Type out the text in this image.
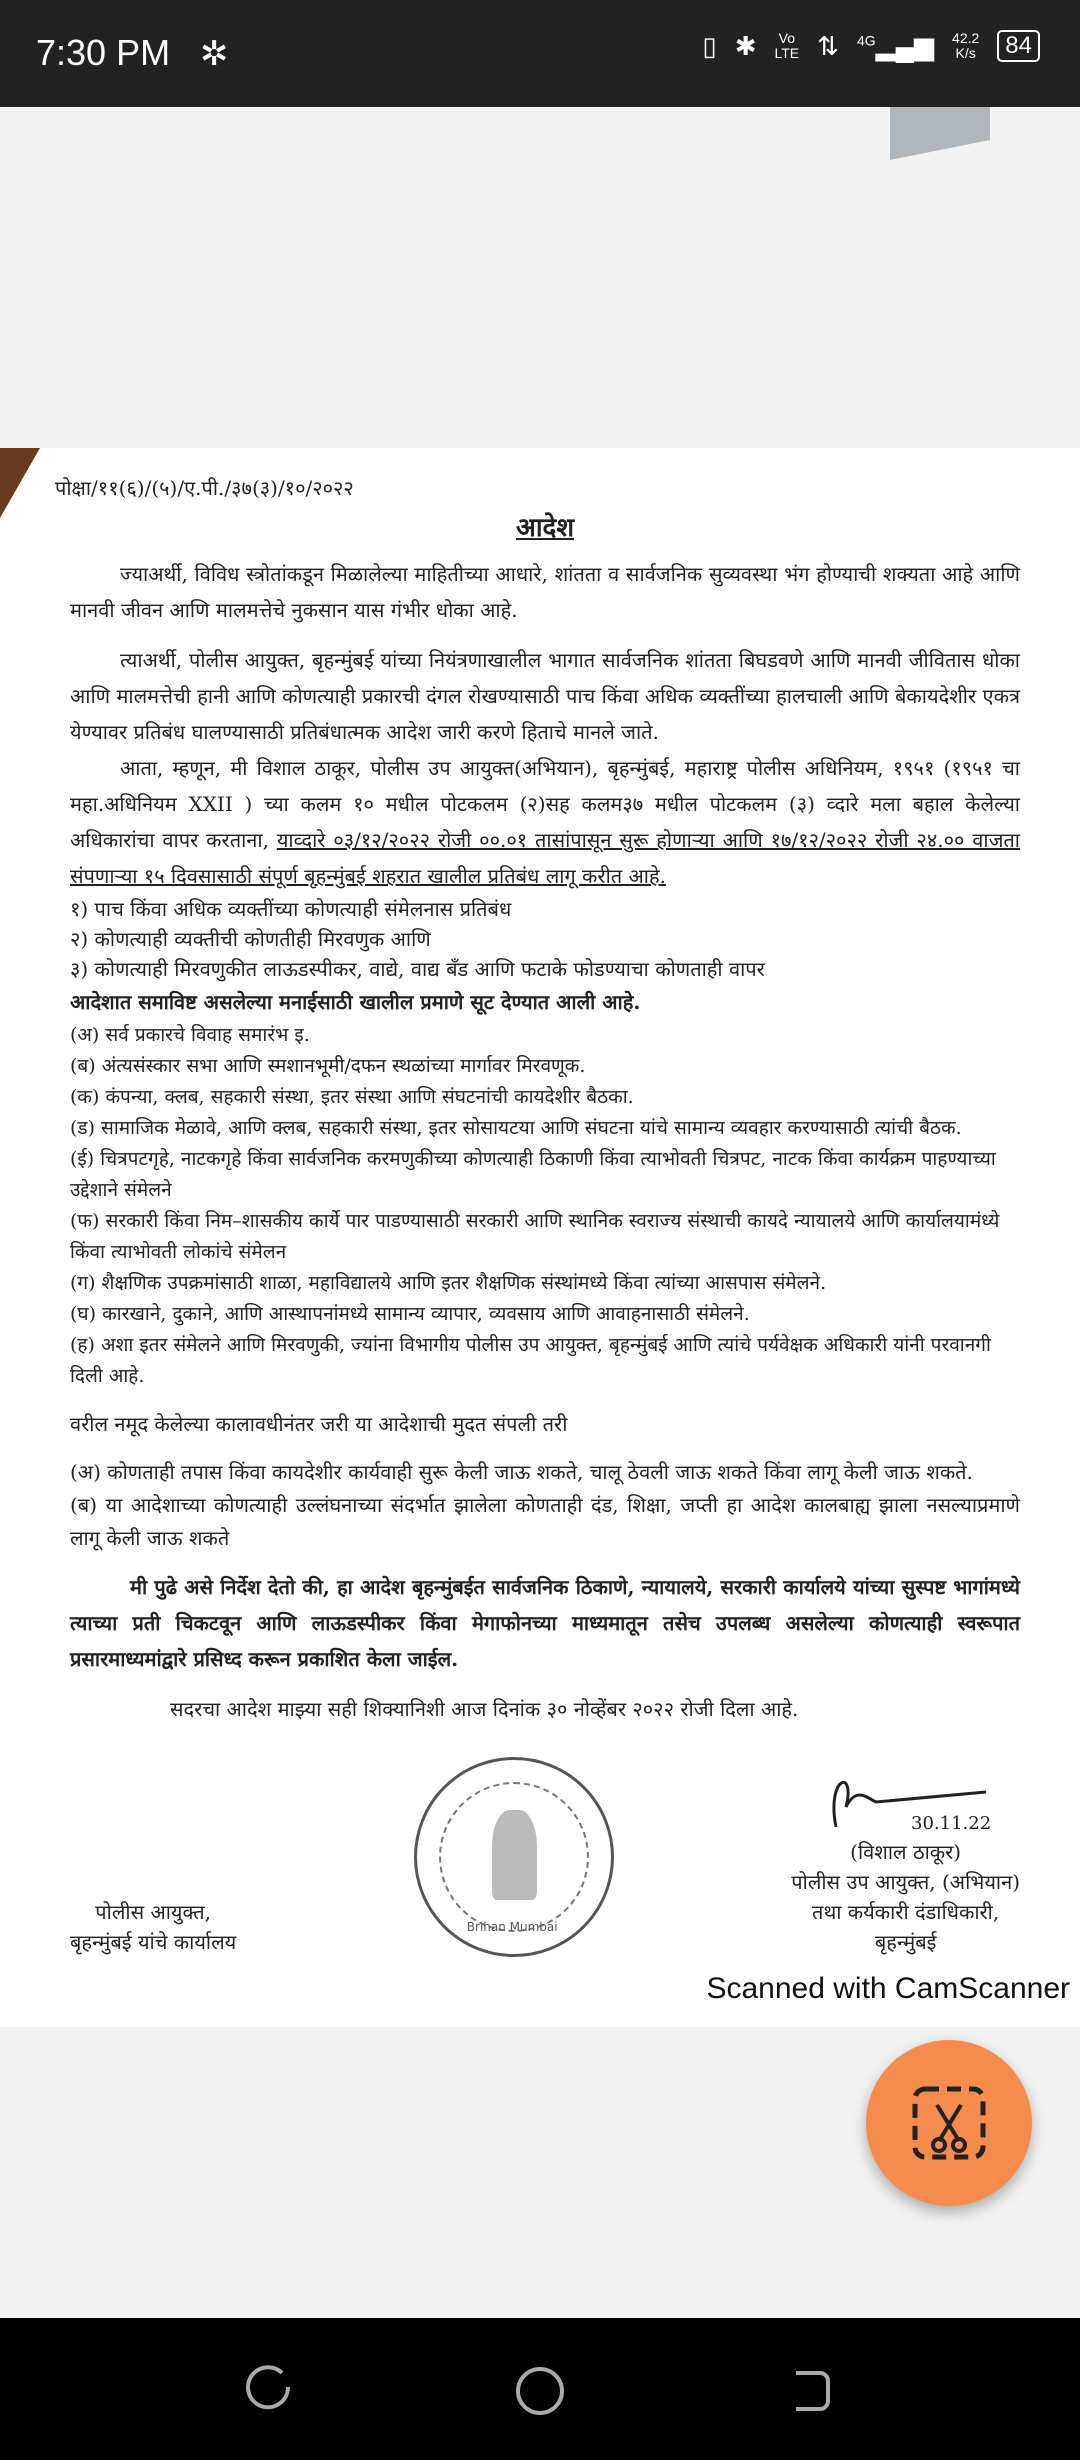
7:30 PM ✲	▯ ✱ Vo
LTE ⇅ $^{4G}$▂▄▆ 42.2
K/s	84
पोक्षा/११(६)/(५)/ए.पी./३७(३)/१०/२०२२
आदेश
ज्याअर्थी, विविध स्त्रोतांकडून मिळालेल्या माहितीच्या आधारे, शांतता व सार्वजनिक सुव्यवस्था भंग होण्याची शक्यता आहे आणि मानवी जीवन आणि मालमत्तेचे नुकसान यास गंभीर धोका आहे.
त्याअर्थी, पोलीस आयुक्त, बृहन्मुंबई यांच्या नियंत्रणाखालील भागात सार्वजनिक शांतता बिघडवणे आणि मानवी जीवितास धोका आणि मालमत्तेची हानी आणि कोणत्याही प्रकारची दंगल रोखण्यासाठी पाच किंवा अधिक व्यक्तींच्या हालचाली आणि बेकायदेशीर एकत्र येण्यावर प्रतिबंध घालण्यासाठी प्रतिबंधात्मक आदेश जारी करणे हिताचे मानले जाते.
आता, म्हणून, मी विशाल ठाकूर, पोलीस उप आयुक्त(अभियान), बृहन्मुंबई, महाराष्ट्र पोलीस अधिनियम, १९५१ (१९५१ चा महा.अधिनियम XXII ) च्या कलम १० मधील पोटकलम (२)सह कलम३७ मधील पोटकलम (३) व्दारे मला बहाल केलेल्या अधिकारांचा वापर करताना, याव्दारे ०३/१२/२०२२ रोजी ००.०१ तासांपासून सुरू होणाऱ्या आणि १७/१२/२०२२ रोजी २४.०० वाजता संपणाऱ्या १५ दिवसासाठी संपूर्ण बृहन्मुंबई शहरात खालील प्रतिबंध लागू करीत आहे.
१) पाच किंवा अधिक व्यक्तींच्या कोणत्याही संमेलनास प्रतिबंध
२) कोणत्याही व्यक्तीची कोणतीही मिरवणुक आणि
३) कोणत्याही मिरवणुकीत लाऊडस्पीकर, वाद्ये, वाद्य बॅंड आणि फटाके फोडण्याचा कोणताही वापर
आदेशात समाविष्ट असलेल्या मनाईसाठी खालील प्रमाणे सूट देण्यात आली आहे.
(अ) सर्व प्रकारचे विवाह समारंभ इ.
(ब) अंत्यसंस्कार सभा आणि स्मशानभूमी/दफन स्थळांच्या मार्गावर मिरवणूक.
(क) कंपन्या, क्लब, सहकारी संस्था, इतर संस्था आणि संघटनांची कायदेशीर बैठका.
(ड) सामाजिक मेळावे, आणि क्लब, सहकारी संस्था, इतर सोसायटया आणि संघटना यांचे सामान्य व्यवहार करण्यासाठी त्यांची बैठक.
(ई) चित्रपटगृहे, नाटकगृहे किंवा सार्वजनिक करमणुकीच्या कोणत्याही ठिकाणी किंवा त्याभोवती चित्रपट, नाटक किंवा कार्यक्रम पाहण्याच्या उद्देशाने संमेलने
(फ) सरकारी किंवा निम–शासकीय कार्ये पार पाडण्यासाठी सरकारी आणि स्थानिक स्वराज्य संस्थाची कायदे न्यायालये आणि कार्यालयामंध्ये किंवा त्याभोवती लोकांचे संमेलन
(ग) शैक्षणिक उपक्रमांसाठी शाळा, महाविद्यालये आणि इतर शैक्षणिक संस्थांमध्ये किंवा त्यांच्या आसपास संमेलने.
(घ) कारखाने, दुकाने, आणि आस्थापनांमध्ये सामान्य व्यापार, व्यवसाय आणि आवाहनासाठी संमेलने.
(ह) अशा इतर संमेलने आणि मिरवणुकी, ज्यांना विभागीय पोलीस उप आयुक्त, बृहन्मुंबई आणि त्यांचे पर्यवेक्षक अधिकारी यांनी परवानगी दिली आहे.
वरील नमूद केलेल्या कालावधीनंतर जरी या आदेशाची मुदत संपली तरी
(अ) कोणताही तपास किंवा कायदेशीर कार्यवाही सुरू केली जाऊ शकते, चालू ठेवली जाऊ शकते किंवा लागू केली जाऊ शकते.
(ब) या आदेशाच्या कोणत्याही उल्लंघनाच्या संदर्भात झालेला कोणताही दंड, शिक्षा, जप्ती हा आदेश कालबाह्य झाला नसल्याप्रमाणे लागू केली जाऊ शकते
मी पुढे असे निर्देश देतो की, हा आदेश बृहन्मुंबईत सार्वजनिक ठिकाणे, न्यायालये, सरकारी कार्यालये यांच्या सुस्पष्ट भागांमध्ये त्याच्या प्रती चिकटवून आणि लाऊडस्पीकर किंवा मेगाफोनच्या माध्यमातून तसेच उपलब्ध असलेल्या कोणत्याही स्वरूपात प्रसारमाध्यमांद्वारे प्रसिध्द करून प्रकाशित केला जाईल.
सदरचा आदेश माझ्या सही शिक्यानिशी आज दिनांक ३० नोव्हेंबर २०२२ रोजी दिला आहे.
पोलीस आयुक्त,
बृहन्मुंबई यांचे कार्यालय
Brihan Mumbai
30.11.22
(विशाल ठाकूर)
पोलीस उप आयुक्त, (अभियान)
तथा कर्यकारी दंडाधिकारी,
बृहन्मुंबई
Scanned with CamScanner
